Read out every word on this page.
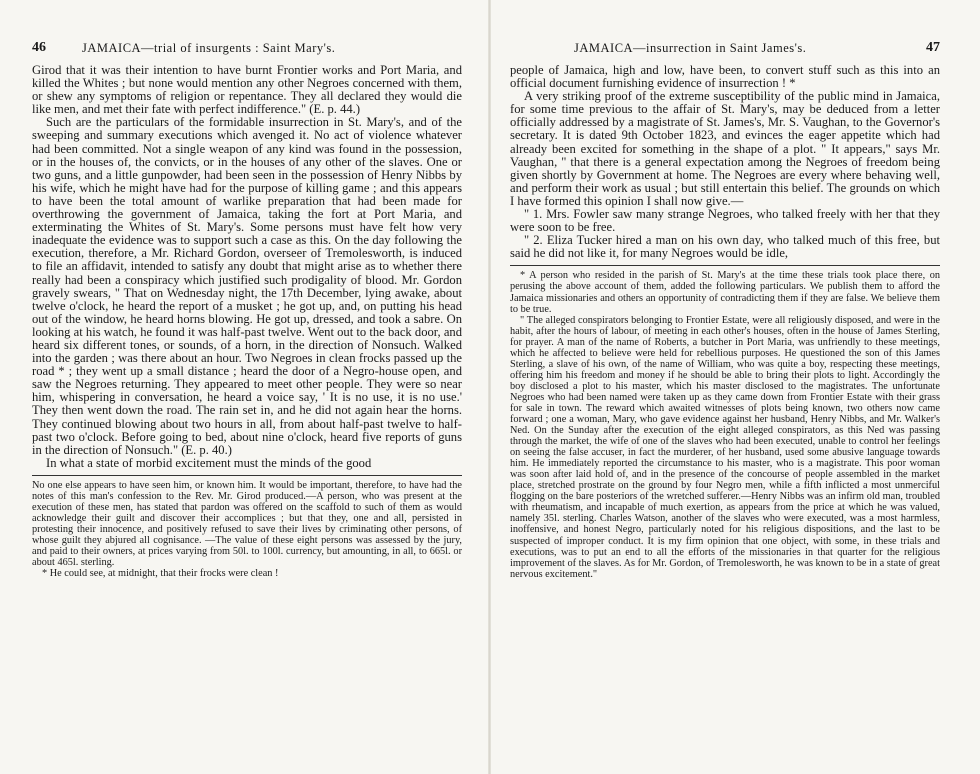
46	JAMAICA—trial of insurgents : Saint Mary's.

Girod that it was their intention to have burnt Frontier works and Port Maria, and killed the Whites ; but none would mention any other Negroes concerned with them, or shew any symptoms of religion or repentance. They all declared they would die like men, and met their fate with perfect indifference." (E. p. 44.)

Such are the particulars of the formidable insurrection in St. Mary's, and of the sweeping and summary executions which avenged it. No act of violence whatever had been committed. Not a single weapon of any kind was found in the possession, or in the houses of, the convicts, or in the houses of any other of the slaves. One or two guns, and a little gunpowder, had been seen in the possession of Henry Nibbs by his wife, which he might have had for the purpose of killing game ; and this appears to have been the total amount of warlike preparation that had been made for overthrowing the government of Jamaica, taking the fort at Port Maria, and exterminating the Whites of St. Mary's. Some persons must have felt how very inadequate the evidence was to support such a case as this. On the day following the execution, therefore, a Mr. Richard Gordon, overseer of Tremolesworth, is induced to file an affidavit, intended to satisfy any doubt that might arise as to whether there really had been a conspiracy which justified such prodigality of blood. Mr. Gordon gravely swears, " That on Wednesday night, the 17th December, lying awake, about twelve o'clock, he heard the report of a musket ; he got up, and, on putting his head out of the window, he heard horns blowing. He got up, dressed, and took a sabre. On looking at his watch, he found it was half-past twelve. Went out to the back door, and heard six different tones, or sounds, of a horn, in the direction of Nonsuch. Walked into the garden ; was there about an hour. Two Negroes in clean frocks passed up the road * ; they went up a small distance ; heard the door of a Negro-house open, and saw the Negroes returning. They appeared to meet other people. They were so near him, whispering in conversation, he heard a voice say, ' It is no use, it is no use.' They then went down the road. The rain set in, and he did not again hear the horns. They continued blowing about two hours in all, from about half-past twelve to half-past two o'clock. Before going to bed, about nine o'clock, heard five reports of guns in the direction of Nonsuch." (E. p. 40.)

In what a state of morbid excitement must the minds of the good

No one else appears to have seen him, or known him. It would be important, therefore, to have had the notes of this man's confession to the Rev. Mr. Girod produced.—A person, who was present at the execution of these men, has stated that pardon was offered on the scaffold to such of them as would acknowledge their guilt and discover their accomplices ; but that they, one and all, persisted in protesting their innocence, and positively refused to save their lives by criminating other persons, of whose guilt they abjured all cognisance. —The value of these eight persons was assessed by the jury, and paid to their owners, at prices varying from 50l. to 100l. currency, but amounting, in all, to 665l. or about 465l. sterling.

* He could see, at midnight, that their frocks were clean !

JAMAICA—insurrection in Saint James's.	47

people of Jamaica, high and low, have been, to convert stuff such as this into an official document furnishing evidence of insurrection ! *

A very striking proof of the extreme susceptibility of the public mind in Jamaica, for some time previous to the affair of St. Mary's, may be deduced from a letter officially addressed by a magistrate of St. James's, Mr. S. Vaughan, to the Governor's secretary. It is dated 9th October 1823, and evinces the eager appetite which had already been excited for something in the shape of a plot. " It appears," says Mr. Vaughan, " that there is a general expectation among the Negroes of freedom being given shortly by Government at home. The Negroes are every where behaving well, and perform their work as usual ; but still entertain this belief. The grounds on which I have formed this opinion I shall now give.—

" 1. Mrs. Fowler saw many strange Negroes, who talked freely with her that they were soon to be free.

" 2. Eliza Tucker hired a man on his own day, who talked much of this free, but said he did not like it, for many Negroes would be idle,

* A person who resided in the parish of St. Mary's at the time these trials took place there, on perusing the above account of them, added the following particulars. We publish them to afford the Jamaica missionaries and others an opportunity of contradicting them if they are false. We believe them to be true.

" The alleged conspirators belonging to Frontier Estate, were all religiously disposed, and were in the habit, after the hours of labour, of meeting in each other's houses, often in the house of James Sterling, for prayer. A man of the name of Roberts, a butcher in Port Maria, was unfriendly to these meetings, which he affected to believe were held for rebellious purposes. He questioned the son of this James Sterling, a slave of his own, of the name of William, who was quite a boy, respecting these meetings, offering him his freedom and money if he should be able to bring their plots to light. Accordingly the boy disclosed a plot to his master, which his master disclosed to the magistrates. The unfortunate Negroes who had been named were taken up as they came down from Frontier Estate with their grass for sale in town. The reward which awaited witnesses of plots being known, two others now came forward ; one a woman, Mary, who gave evidence against her husband, Henry Nibbs, and Mr. Walker's Ned. On the Sunday after the execution of the eight alleged conspirators, as this Ned was passing through the market, the wife of one of the slaves who had been executed, unable to control her feelings on seeing the false accuser, in fact the murderer, of her husband, used some abusive language towards him. He immediately reported the circumstance to his master, who is a magistrate. This poor woman was soon after laid hold of, and in the presence of the concourse of people assembled in the market place, stretched prostrate on the ground by four Negro men, while a fifth inflicted a most unmerciful flogging on the bare posteriors of the wretched sufferer.—Henry Nibbs was an infirm old man, troubled with rheumatism, and incapable of much exertion, as appears from the price at which he was valued, namely 35l. sterling. Charles Watson, another of the slaves who were executed, was a most harmless, inoffensive, and honest Negro, particularly noted for his religious dispositions, and the last to be suspected of improper conduct. It is my firm opinion that one object, with some, in these trials and executions, was to put an end to all the efforts of the missionaries in that quarter for the religious improvement of the slaves. As for Mr. Gordon, of Tremolesworth, he was known to be in a state of great nervous excitement."
